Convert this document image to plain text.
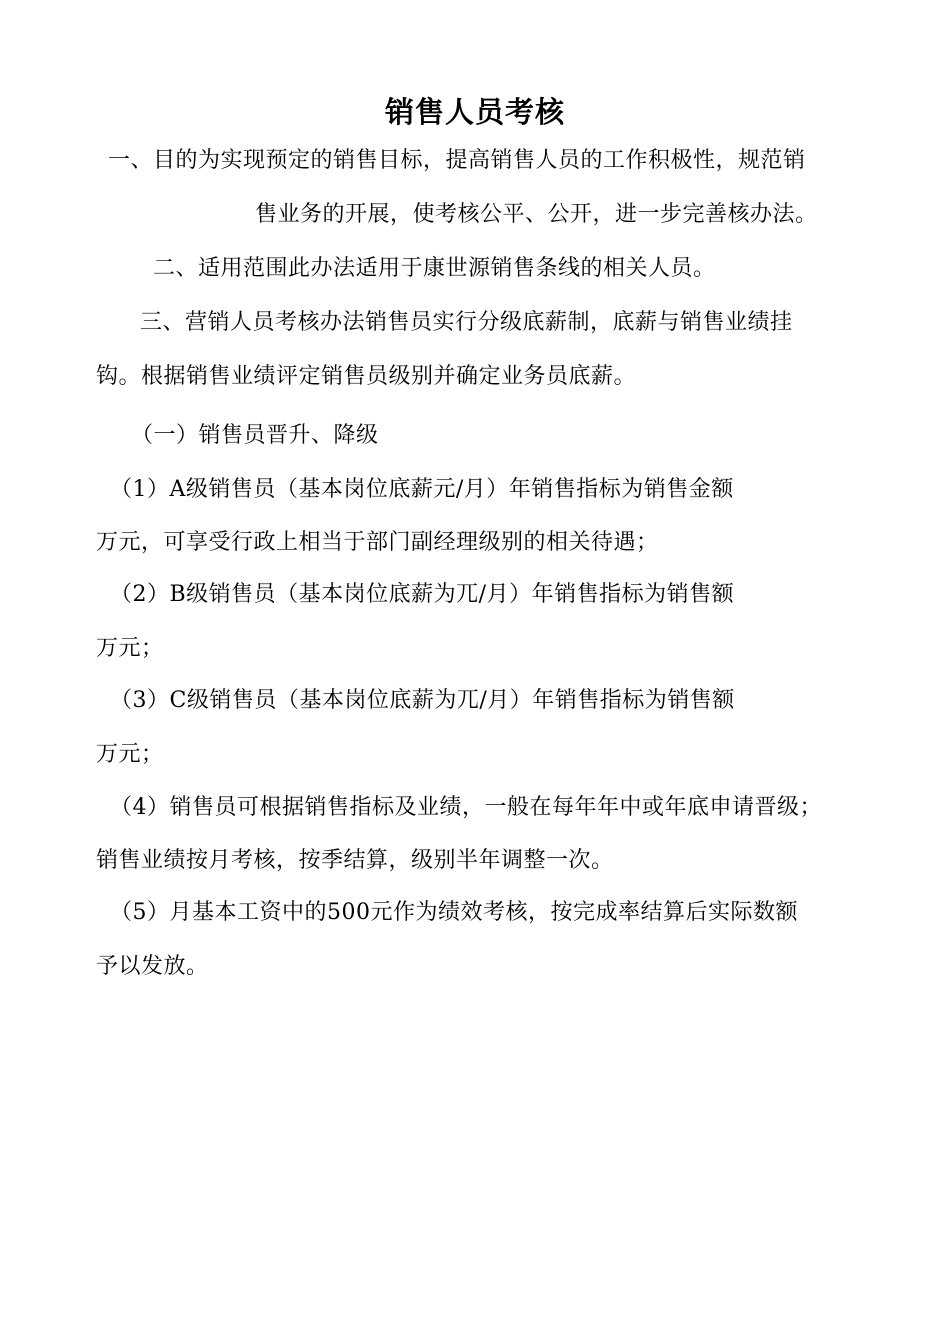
销售人员考核
一、目的为实现预定的销售目标，提高销售人员的工作积极性，规范销
售业务的开展，使考核公平、公开，进一步完善核办法。
二、适用范围此办法适用于康世源销售条线的相关人员。
三、营销人员考核办法销售员实行分级底薪制，底薪与销售业绩挂
钩。根据销售业绩评定销售员级别并确定业务员底薪。
（一）销售员晋升、降级
（1）A级销售员（基本岗位底薪元/月）年销售指标为销售金额
万元，可享受行政上相当于部门副经理级别的相关待遇；
（2）B级销售员（基本岗位底薪为兀/月）年销售指标为销售额
万元；
（3）C级销售员（基本岗位底薪为兀/月）年销售指标为销售额
万元；
（4）销售员可根据销售指标及业绩，一般在每年年中或年底申请晋级；
销售业绩按月考核，按季结算，级别半年调整一次。
（5）月基本工资中的500元作为绩效考核，按完成率结算后实际数额
予以发放。
